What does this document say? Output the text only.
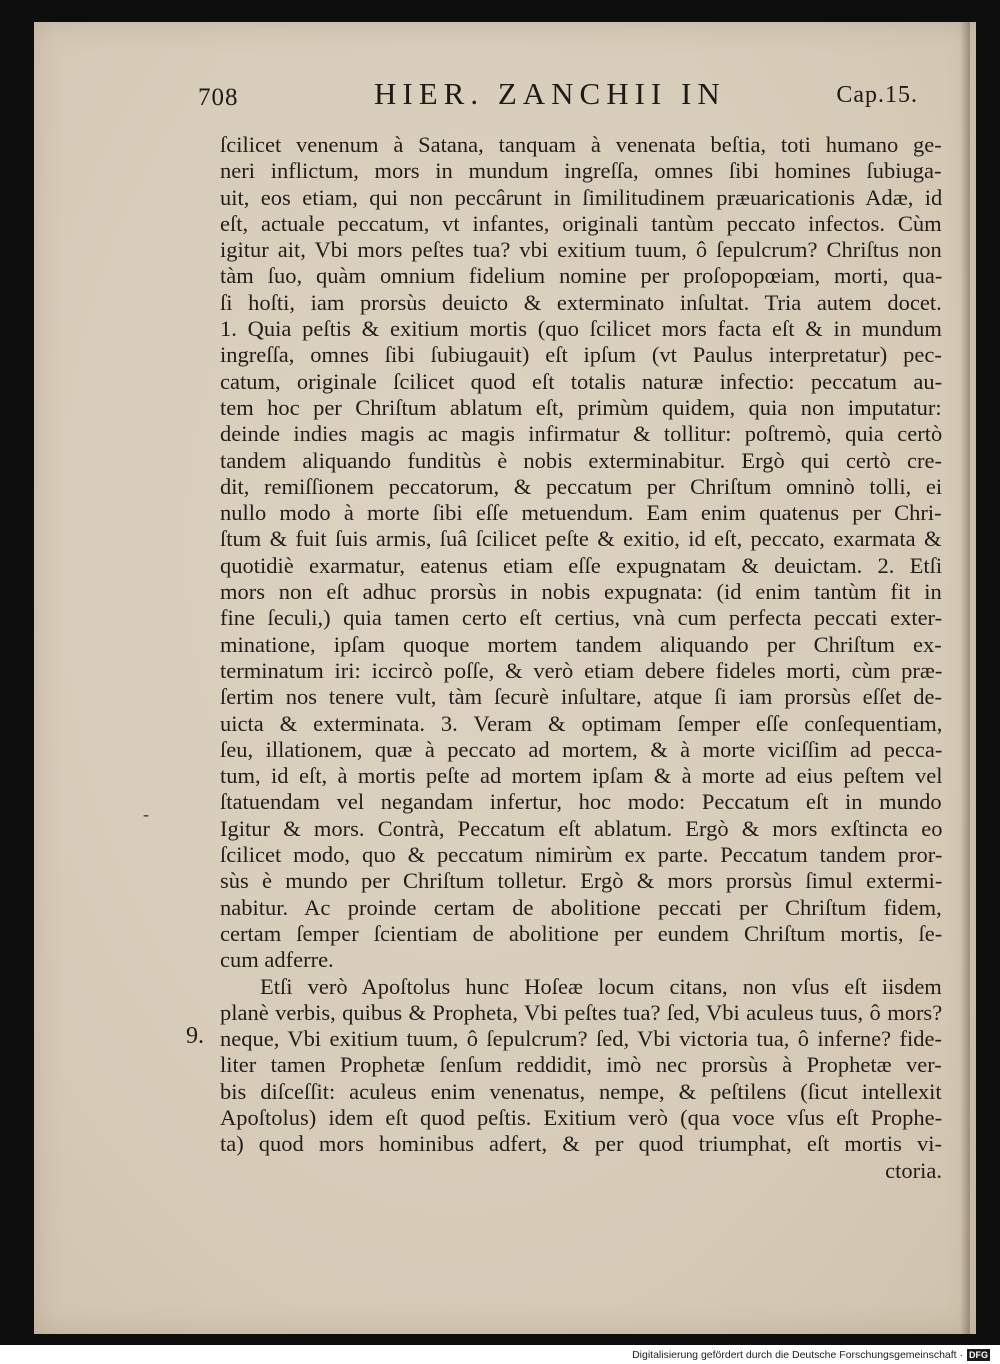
708	HIER. ZANCHII IN	Cap.15.
-
9.
ſcilicet venenum à Satana, tanquam à venenata beſtia, toti humano ge-
neri inflictum, mors in mundum ingreſſa, omnes ſibi homines ſubiuga-
uit, eos etiam, qui non peccârunt in ſimilitudinem præuaricationis Adæ, id
eſt, actuale peccatum, vt infantes, originali tantùm peccato infectos. Cùm
igitur ait, Vbi mors peſtes tua? vbi exitium tuum, ô ſepulcrum? Chriſtus non
tàm ſuo, quàm omnium fidelium nomine per proſopopœiam, morti, qua-
ſi hoſti, iam prorsùs deuicto & exterminato inſultat. Tria autem docet.
1. Quia peſtis & exitium mortis (quo ſcilicet mors facta eſt & in mundum
ingreſſa, omnes ſibi ſubiugauit) eſt ipſum (vt Paulus interpretatur) pec-
catum, originale ſcilicet quod eſt totalis naturæ infectio: peccatum au-
tem hoc per Chriſtum ablatum eſt, primùm quidem, quia non imputatur:
deinde indies magis ac magis infirmatur & tollitur: poſtremò, quia certò
tandem aliquando funditùs è nobis exterminabitur. Ergò qui certò cre-
dit, remiſſionem peccatorum, & peccatum per Chriſtum omninò tolli, ei
nullo modo à morte ſibi eſſe metuendum. Eam enim quatenus per Chri-
ſtum & fuit ſuis armis, ſuâ ſcilicet peſte & exitio, id eſt, peccato, exarmata &
quotidiè exarmatur, eatenus etiam eſſe expugnatam & deuictam. 2. Etſi
mors non eſt adhuc prorsùs in nobis expugnata: (id enim tantùm fit in
fine ſeculi,) quia tamen certo eſt certius, vnà cum perfecta peccati exter-
minatione, ipſam quoque mortem tandem aliquando per Chriſtum ex-
terminatum iri: iccircò poſſe, & verò etiam debere fideles morti, cùm præ-
ſertim nos tenere vult, tàm ſecurè inſultare, atque ſi iam prorsùs eſſet de-
uicta & exterminata. 3. Veram & optimam ſemper eſſe conſequentiam,
ſeu, illationem, quæ à peccato ad mortem, & à morte viciſſim ad pecca-
tum, id eſt, à mortis peſte ad mortem ipſam & à morte ad eius peſtem vel
ſtatuendam vel negandam infertur, hoc modo: Peccatum eſt in mundo
Igitur & mors. Contrà, Peccatum eſt ablatum. Ergò & mors exſtincta eo
ſcilicet modo, quo & peccatum nimirùm ex parte. Peccatum tandem pror-
sùs è mundo per Chriſtum tolletur. Ergò & mors prorsùs ſimul extermi-
nabitur. Ac proinde certam de abolitione peccati per Chriſtum fidem,
certam ſemper ſcientiam de abolitione per eundem Chriſtum mortis, ſe-
cum adferre.
Etſi verò Apoſtolus hunc Hoſeæ locum citans, non vſus eſt iisdem
planè verbis, quibus & Propheta, Vbi peſtes tua? ſed, Vbi aculeus tuus, ô mors?
neque, Vbi exitium tuum, ô ſepulcrum? ſed, Vbi victoria tua, ô inferne? fide-
liter tamen Prophetæ ſenſum reddidit, imò nec prorsùs à Prophetæ ver-
bis diſceſſit: aculeus enim venenatus, nempe, & peſtilens (ſicut intellexit
Apoſtolus) idem eſt quod peſtis. Exitium verò (qua voce vſus eſt Prophe-
ta) quod mors hominibus adfert, & per quod triumphat, eſt mortis vi-
ctoria.
Digitalisierung gefördert durch die Deutsche Forschungsgemeinschaft · DFG
